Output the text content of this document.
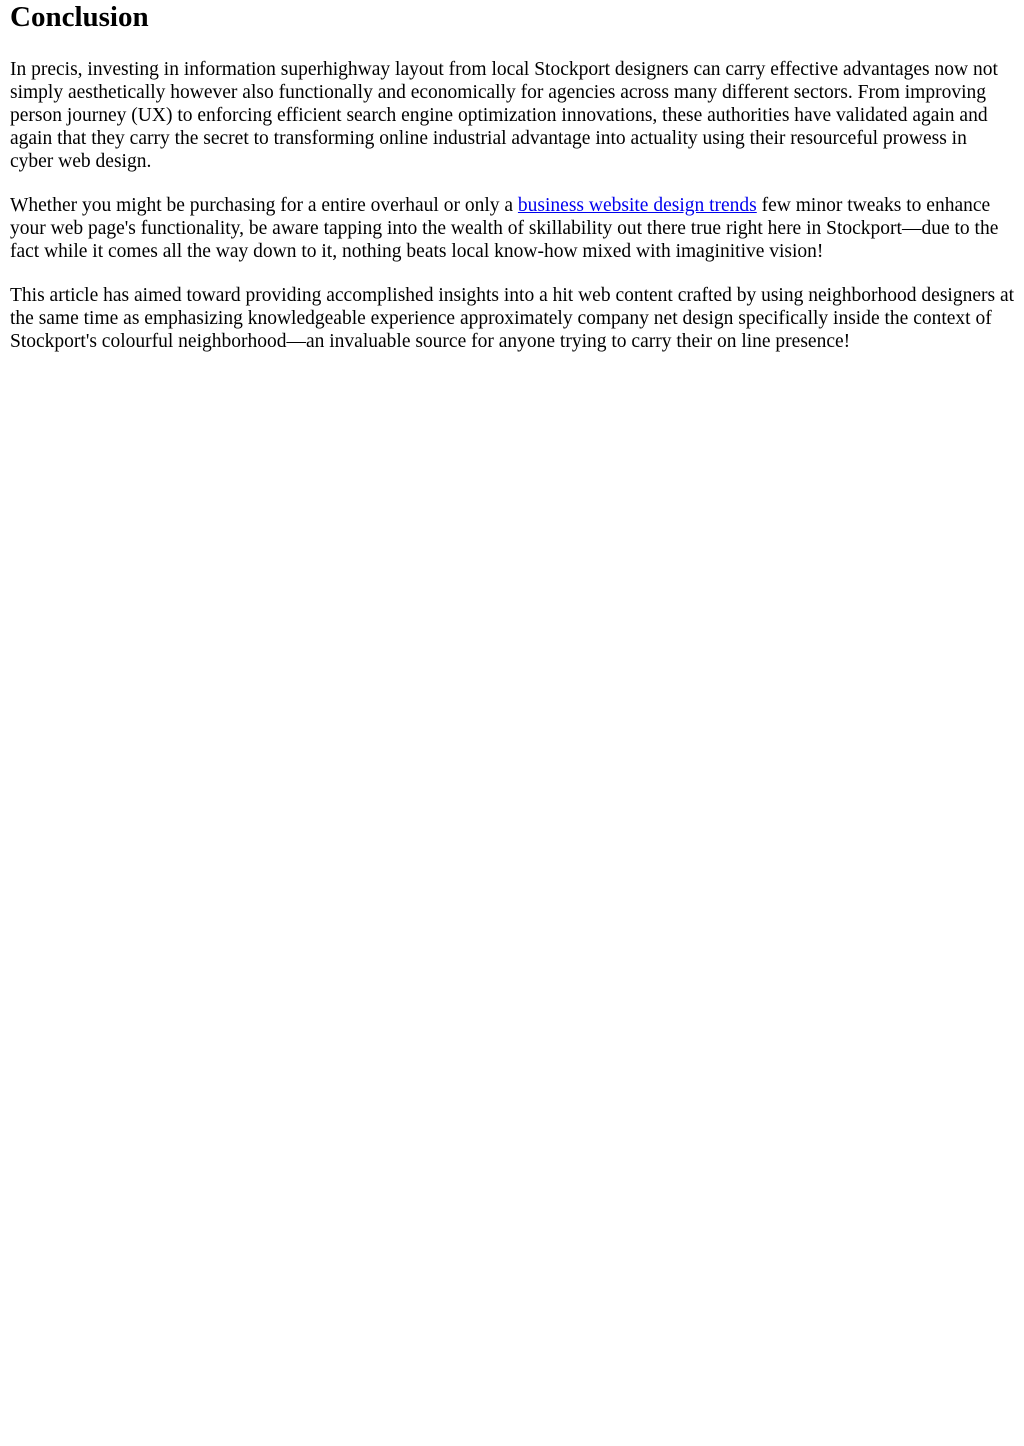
Conclusion

In precis, investing in information superhighway layout from local Stockport designers can carry effective advantages now not simply aesthetically however also functionally and economically for agencies across many different sectors. From improving person journey (UX) to enforcing efficient search engine optimization innovations, these authorities have validated again and again that they carry the secret to transforming online industrial advantage into actuality using their resourceful prowess in cyber web design.

Whether you might be purchasing for a entire overhaul or only a business website design trends few minor tweaks to enhance your web page's functionality, be aware tapping into the wealth of skillability out there true right here in Stockport—due to the fact while it comes all the way down to it, nothing beats local know-how mixed with imaginitive vision!

This article has aimed toward providing accomplished insights into a hit web content crafted by using neighborhood designers at the same time as emphasizing knowledgeable experience approximately company net design specifically inside the context of Stockport's colourful neighborhood—an invaluable source for anyone trying to carry their on line presence!
